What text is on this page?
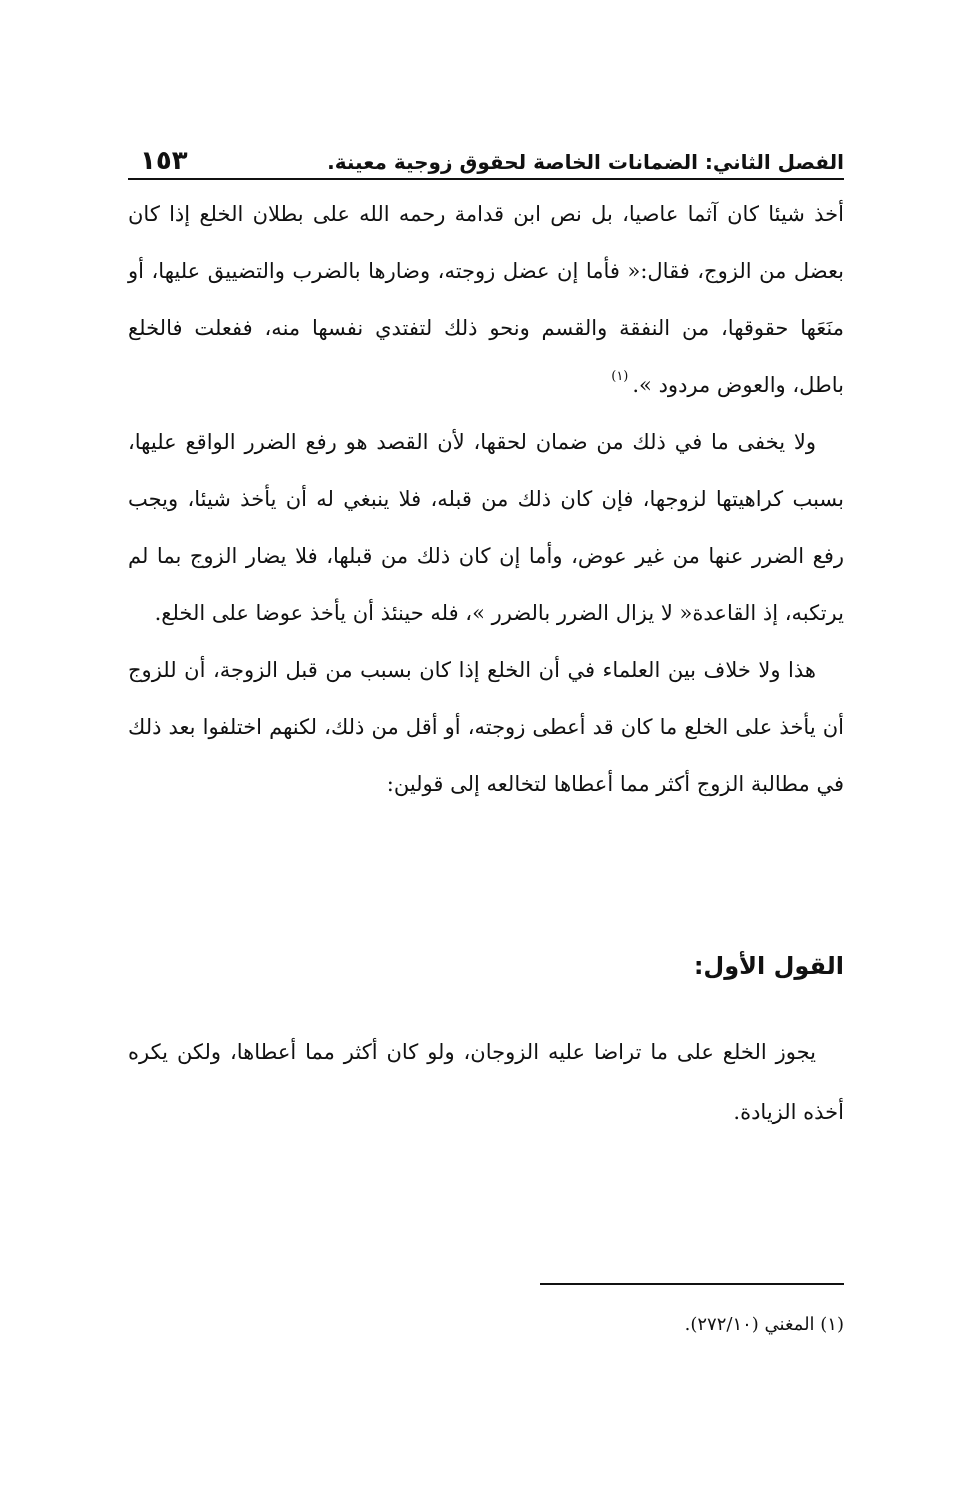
الفصل الثاني: الضمانات الخاصة لحقوق زوجية معينة.
١٥٣

أخذ شيئا كان آثما عاصيا، بل نص ابن قدامة رحمه الله على بطلان الخلع إذا كان بعضل من الزوج، فقال:« فأما إن عضل زوجته، وضارها بالضرب والتضييق عليها، أو منَعَها حقوقها، من النفقة والقسم ونحو ذلك لتفتدي نفسها منه، ففعلت فالخلع باطل، والعوض مردود ».$^{(١)}$

ولا يخفى ما في ذلك من ضمان لحقها، لأن القصد هو رفع الضرر الواقع عليها، بسبب كراهيتها لزوجها، فإن كان ذلك من قبله، فلا ينبغي له أن يأخذ شيئا، ويجب رفع الضرر عنها من غير عوض، وأما إن كان ذلك من قبلها، فلا يضار الزوج بما لم يرتكبه، إذ القاعدة« لا يزال الضرر بالضرر »، فله حينئذ أن يأخذ عوضا على الخلع.

هذا ولا خلاف بين العلماء في أن الخلع إذا كان بسبب من قبل الزوجة، أن للزوج أن يأخذ على الخلع ما كان قد أعطى زوجته، أو أقل من ذلك، لكنهم اختلفوا بعد ذلك في مطالبة الزوج أكثر مما أعطاها لتخالعه إلى قولين:

القول الأول:

يجوز الخلع على ما تراضا عليه الزوجان، ولو كان أكثر مما أعطاها، ولكن يكره أخذه الزيادة.

(١) المغني (٢٧٢/١٠).
